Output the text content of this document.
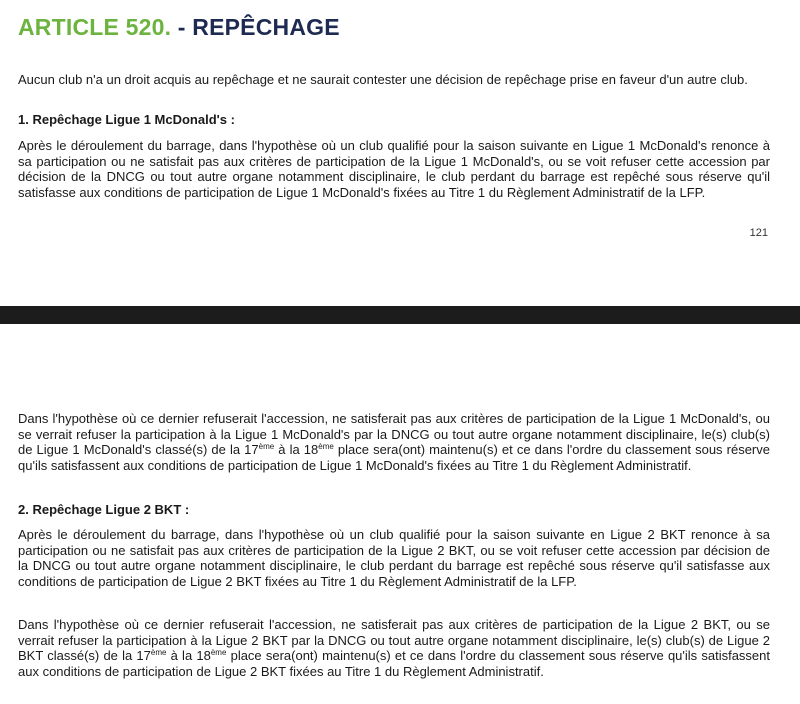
ARTICLE 520. - REPÊCHAGE

Aucun club n'a un droit acquis au repêchage et ne saurait contester une décision de repêchage prise en faveur d'un autre club.

1. Repêchage Ligue 1 McDonald's :

Après le déroulement du barrage, dans l'hypothèse où un club qualifié pour la saison suivante en Ligue 1 McDonald's renonce à sa participation ou ne satisfait pas aux critères de participation de la Ligue 1 McDonald's, ou se voit refuser cette accession par décision de la DNCG ou tout autre organe notamment disciplinaire, le club perdant du barrage est repêché sous réserve qu'il satisfasse aux conditions de participation de Ligue 1 McDonald's fixées au Titre 1 du Règlement Administratif de la LFP.

121

Dans l'hypothèse où ce dernier refuserait l'accession, ne satisferait pas aux critères de participation de la Ligue 1 McDonald's, ou se verrait refuser la participation à la Ligue 1 McDonald's par la DNCG ou tout autre organe notamment disciplinaire, le(s) club(s) de Ligue 1 McDonald's classé(s) de la 17ème à la 18ème place sera(ont) maintenu(s) et ce dans l'ordre du classement sous réserve qu'ils satisfassent aux conditions de participation de Ligue 1 McDonald's fixées au Titre 1 du Règlement Administratif.

2. Repêchage Ligue 2 BKT :

Après le déroulement du barrage, dans l'hypothèse où un club qualifié pour la saison suivante en Ligue 2 BKT renonce à sa participation ou ne satisfait pas aux critères de participation de la Ligue 2 BKT, ou se voit refuser cette accession par décision de la DNCG ou tout autre organe notamment disciplinaire, le club perdant du barrage est repêché sous réserve qu'il satisfasse aux conditions de participation de Ligue 2 BKT fixées au Titre 1 du Règlement Administratif de la LFP.

Dans l'hypothèse où ce dernier refuserait l'accession, ne satisferait pas aux critères de participation de la Ligue 2 BKT, ou se verrait refuser la participation à la Ligue 2 BKT par la DNCG ou tout autre organe notamment disciplinaire, le(s) club(s) de Ligue 2 BKT classé(s) de la 17ème à la 18ème place sera(ont) maintenu(s) et ce dans l'ordre du classement sous réserve qu'ils satisfassent aux conditions de participation de Ligue 2 BKT fixées au Titre 1 du Règlement Administratif.
